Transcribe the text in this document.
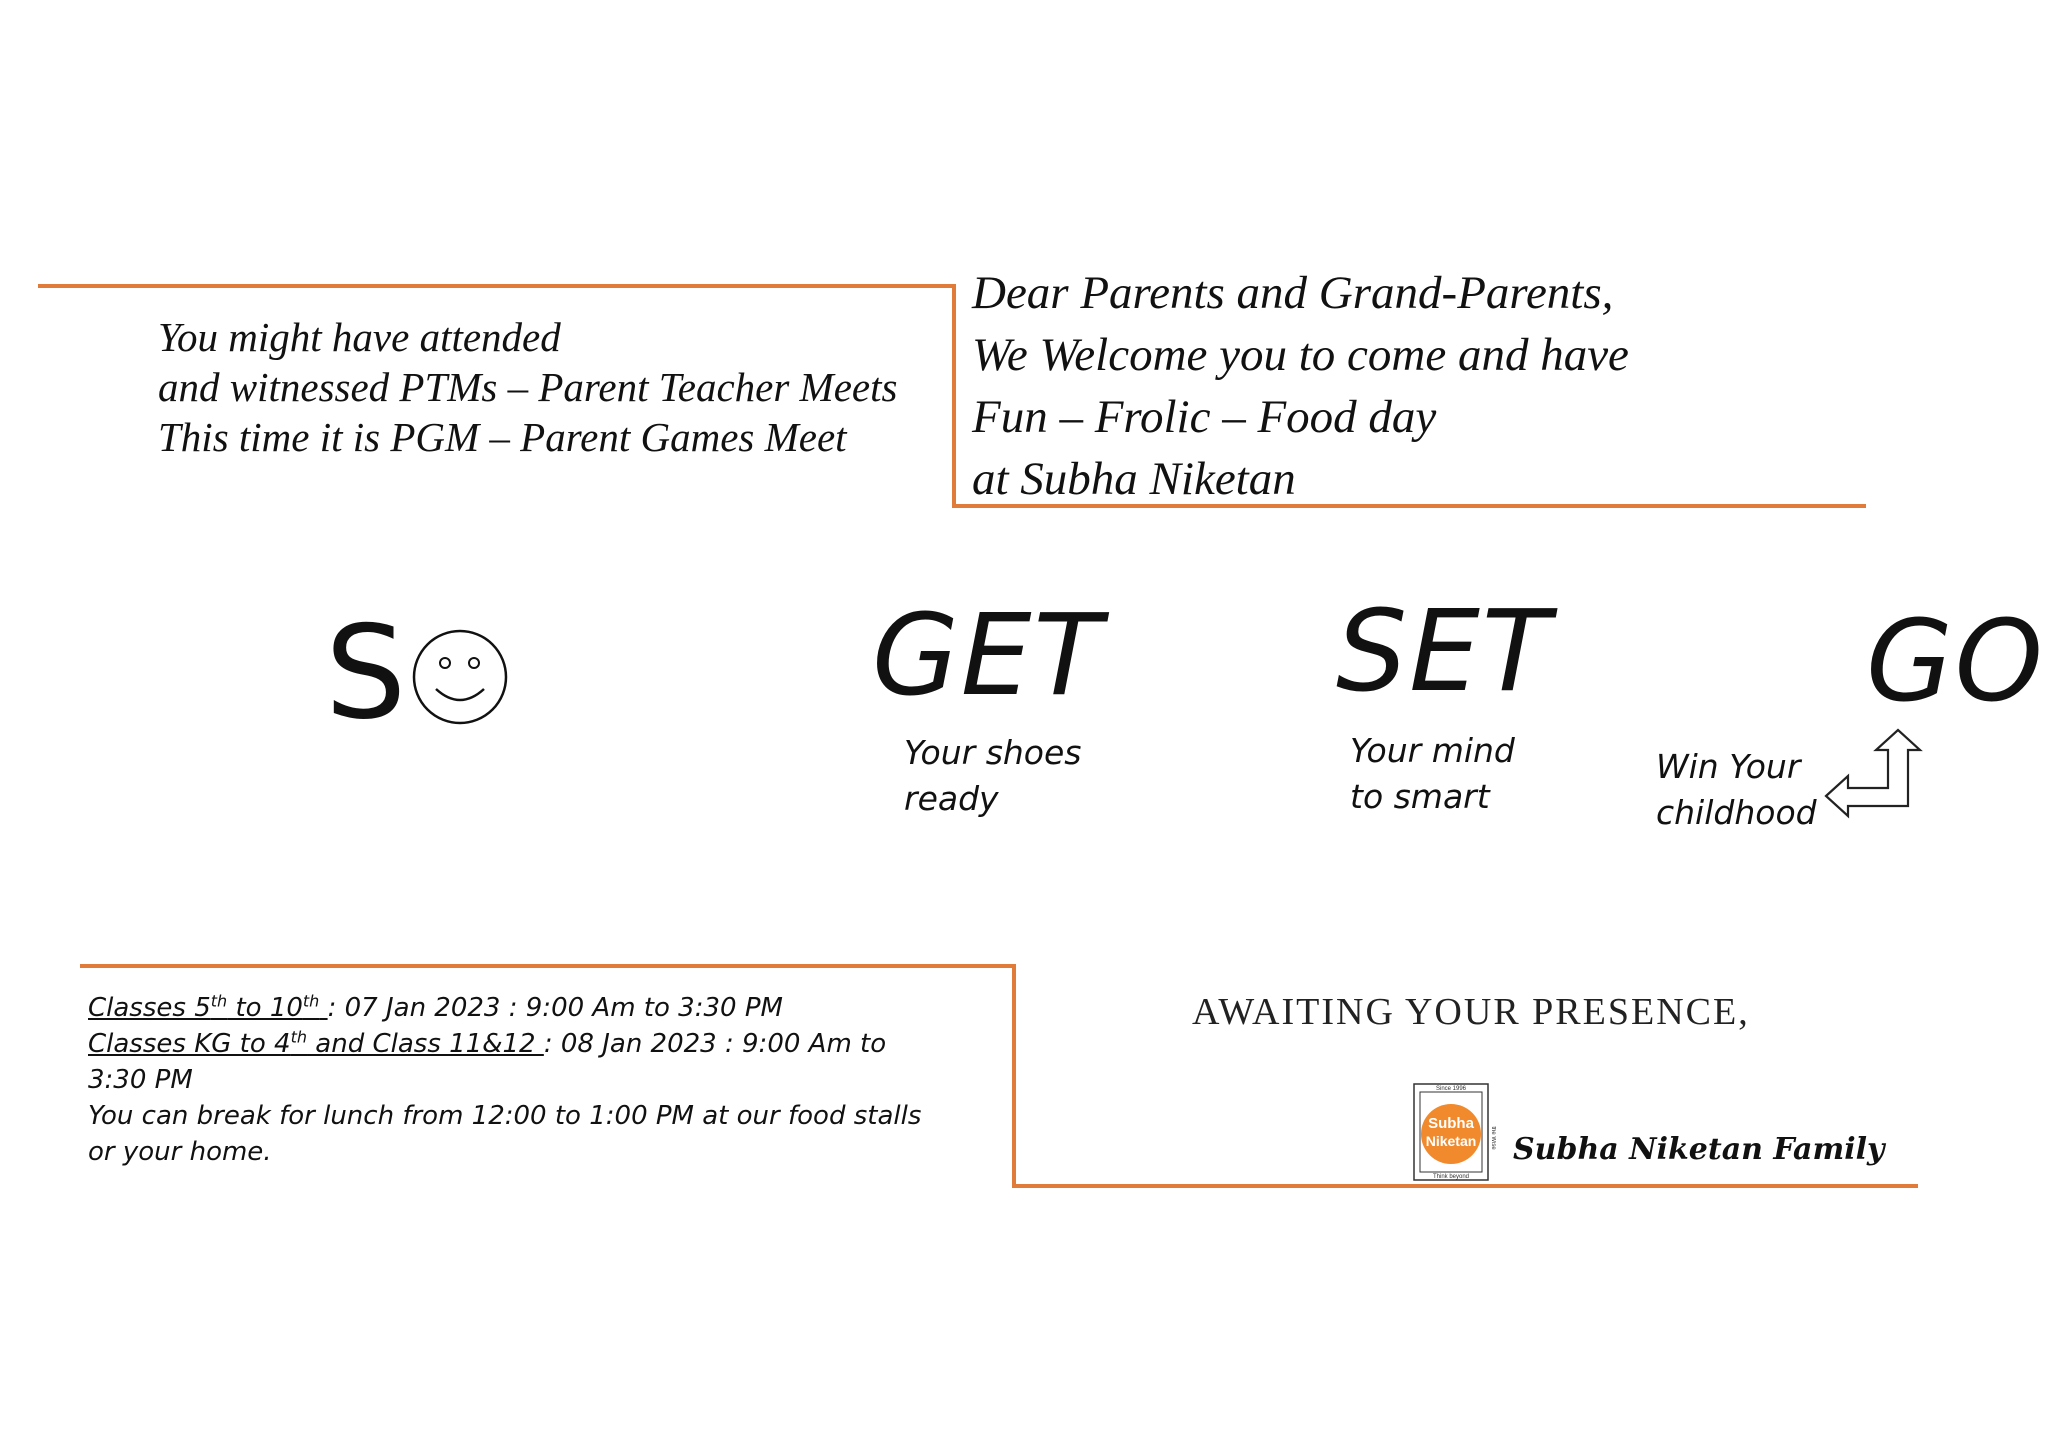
You might have attended
and witnessed PTMs – Parent Teacher Meets
This time it is PGM – Parent Games Meet
Dear Parents and Grand-Parents,
We Welcome you to come and have
Fun – Frolic – Food day
at Subha Niketan
S	GET
Your shoes
ready
SET
Your mind
to smart
GO
Win Your
childhood
Classes 5th to 10th : 07 Jan 2023 : 9:00 Am to 3:30 PM
Classes KG to 4th and Class 11&12 : 08 Jan 2023 : 9:00 Am to 3:30 PM
You can break for lunch from 12:00 to 1:00 PM at our food stalls or your home.
AWAITING YOUR PRESENCE,
Subha
Niketan
Since 1996
Think beyond
the Wise Subha Niketan Family
